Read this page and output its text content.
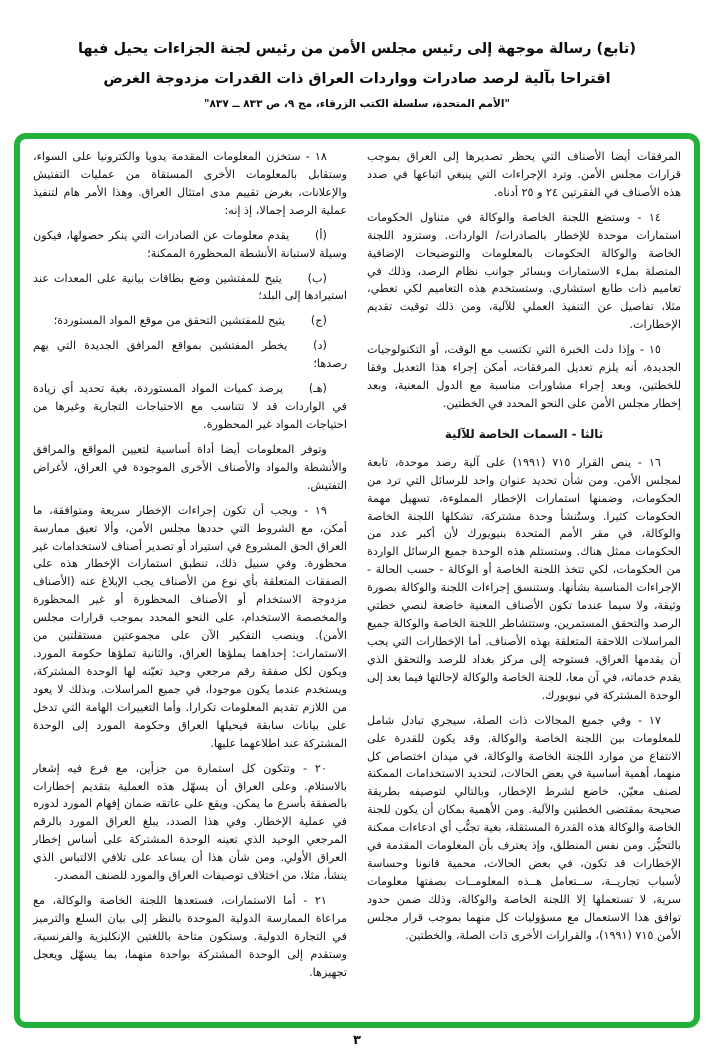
(تابع) رسالة موجهة إلى رئيس مجلس الأمن من رئيس لجنة الجزاءات يحيل فيها
اقتراحا بآلية لرصد صادرات وواردات العراق ذات القدرات مزدوجة الغرض
"الأمم المتحدة، سلسلة الكتب الزرقاء، مج ٩، ص ٨٣٣ ــ ٨٣٧"

المرفقات أيضا الأصناف التي يحظر تصديرها إلى العراق بموجب قرارات مجلس الأمن. وترد الإجراءات التي ينبغي اتباعها في صدد هذه الأصناف في الفقرتين ٢٤ و ٢٥ أدناه.

١٤ - وستضع اللجنة الخاصة والوكالة في متناول الحكومات استمارات موحدة للإخطار بالصادرات/ الواردات. وستزود اللجنة الخاصة والوكالة الحكومات بالمعلومات والتوضيحات الإضافية المتصلة بملء الاستمارات وبسائر جوانب نظام الرصد، وذلك في تعاميم ذات طابع استشاري. وستستخدم هذه التعاميم لكي تعطي، مثلا، تفاصيل عن التنفيذ العملي للآلية، ومن ذلك توقيت تقديم الإخطارات.

١٥ - وإذا دلت الخبرة التي تكتسب مع الوقت، أو التكنولوجيات الجديدة، أنه يلزم تعديل المرفقات، أمكن إجراء هذا التعديل وفقا للخطتين، وبعد إجراء مشاورات مناسبة مع الدول المعنية، وبعد إخطار مجلس الأمن على النحو المحدد في الخطتين.

ثالثا - السمات الخاصة للآلية

١٦ - ينص القرار ٧١٥ (١٩٩١) على آلية رصد موحدة، تابعة لمجلس الأمن. ومن شأن تحديد عنوان واحد للرسائل التي ترد من الحكومات، وضمنها استمارات الإخطار المملوءة، تسهيل مهمة الحكومات كثيرا. وستُنشأ وحدة مشتركة، تشكلها اللجنة الخاصة والوكالة، في مقر الأمم المتحدة بنيويورك لأن أكبر عدد من الحكومات ممثل هناك. وستستلم هذه الوحدة جميع الرسائل الواردة من الحكومات، لكي تتخذ اللجنة الخاصة أو الوكالة - حسب الحالة - الإجراءات المناسبة بشأنها. وستنسق إجراءات اللجنة والوكالة بصورة وثيقة، ولا سيما عندما تكون الأصناف المعنية خاضعة لنصي خطتي الرصد والتحقق المستمرين، وستتشاطر اللجنة الخاصة والوكالة جميع المراسلات اللاحقة المتعلقة بهذه الأصناف. أما الإخطارات التي يجب أن يقدمها العراق، فستوجه إلى مركز بغداد للرصد والتحقق الذي يقدم خدماته، في آن معا، للجنة الخاصة والوكالة لإحالتها فيما بعد إلى الوحدة المشتركة في نيويورك.

١٧ - وفي جميع المجالات ذات الصلة، سيجري تبادل شامل للمعلومات بين اللجنة الخاصة والوكالة. وقد يكون للقدرة على الانتفاع من موارد اللجنة الخاصة والوكالة، في ميدان اختصاص كل منهما، أهمية أساسية في بعض الحالات، لتحديد الاستخدامات الممكنة لصنف معيّن، خاضع لشرط الإخطار، وبالتالي لتوصيفه بطريقة صحيحة بمقتضى الخطتين والآلية. ومن الأهمية بمكان أن يكون للجنة الخاصة والوكالة هذه القدرة المستقلة، بغية تجنُّب أي ادعاءات ممكنة بالتحيُّز. ومن نفس المنطلق، وإذ يعترف بأن المعلومات المقدمة في الإخطارات قد تكون، في بعض الحالات، محمية قانونا وحساسة لأسباب تجاريــة، ســتعامل هــذه المعلومــات بصفتها معلومات سرية، لا تستعملها إلا اللجنة الخاصة والوكالة، وذلك ضمن حدود توافق هذا الاستعمال مع مسؤوليات كل منهما بموجب قرار مجلس الأمن ٧١٥ (١٩٩١)، والقرارات الأخرى ذات الصلة، والخطتين.

١٨ - ستخزن المعلومات المقدمة يدويا والكترونيا على السواء، وستقابل بالمعلومات الأخرى المستقاة من عمليات التفتيش والإعلانات، بغرض تقييم مدى امتثال العراق. وهذا الأمر هام لتنفيذ عملية الرصد إجمالا، إذ إنه:

(أ)يقدم معلومات عن الصادرات التي ينكر حصولها، فيكون وسيلة لاستبانة الأنشطة المحظورة الممكنة؛

(ب)يتيح للمفتشين وضع بطاقات بيانية على المعدات عند استيرادها إلى البلد؛

(ج)يتيح للمفتشين التحقق من موقع المواد المستوردة؛

(د)يخطر المفتشين بمواقع المرافق الجديدة التي يهم رصدها؛

(هـ)يرصد كميات المواد المستوردة، بغية تحديد أي زيادة في الواردات قد لا تتناسب مع الاحتياجات التجارية وغيرها من احتياجات المواد غير المحظورة.

وتوفر المعلومات أيضا أداة أساسية لتعيين المواقع والمرافق والأنشطة والمواد والأصناف الأخرى الموجودة في العراق، لأغراض التفتيش.

١٩ - ويجب أن تكون إجراءات الإخطار سريعة ومتوافقة، ما أمكن، مع الشروط التي حددها مجلس الأمن، وألا تعيق ممارسة العراق الحق المشروع في استيراد أو تصدير أصناف لاستخدامات غير محظورة. وفي سبيل ذلك، تنطبق استمارات الإخطار هذه على الصفقات المتعلقة بأي نوع من الأصناف يجب الإبلاغ عنه (الأصناف مزدوجة الاستخدام أو الأصناف المحظورة أو غير المحظورة والمخصصة الاستخدام، على النحو المحدد بموجب قرارات مجلس الأمن). وينصب التفكير الآن على مجموعتين مستقلتين من الاستمارات: إحداهما يملؤها العراق، والثانية تملؤها حكومة المورد. ويكون لكل صفقة رقم مرجعي وحيد تعيّنه لها الوحدة المشتركة، ويستخدم عندما يكون موجودا، في جميع المراسلات. وبذلك لا يعود من اللازم تقديم المعلومات تكرارا. وأما التغييرات الهامة التي تدخل على بيانات سابقة فيحيلها العراق وحكومة المورد إلى الوحدة المشتركة عند اطلاعهما عليها.

٢٠ - وتتكون كل استمارة من جزأين، مع فرع فيه إشعار بالاستلام. وعلى العراق أن يسهّل هذه العملية بتقديم إخطارات بالصفقة بأسرع ما يمكن. ويقع على عاتقه ضمان إفهام المورد لدوره في عملية الإخطار. وفي هذا الصدد، يبلغ العراق المورد بالرقم المرجعي الوحيد الذي تعينه الوحدة المشتركة على أساس إخطار العراق الأولي. ومن شأن هذا أن يساعد على تلافي الالتباس الذي ينشأ، مثلا، من اختلاف توصيفات العراق والمورد للصنف المصدر.

٢١ - أما الاستمارات، فستعدها اللجنة الخاصة والوكالة، مع مراعاة الممارسة الدولية الموحدة بالنظر إلى بيان السلع والترميز في التجارة الدولية. وستكون متاحة باللغتين الإنكليزية والفرنسية، وستقدم إلى الوحدة المشتركة بواحدة منهما، بما يسهّل ويعجل تجهيزها.

٣
